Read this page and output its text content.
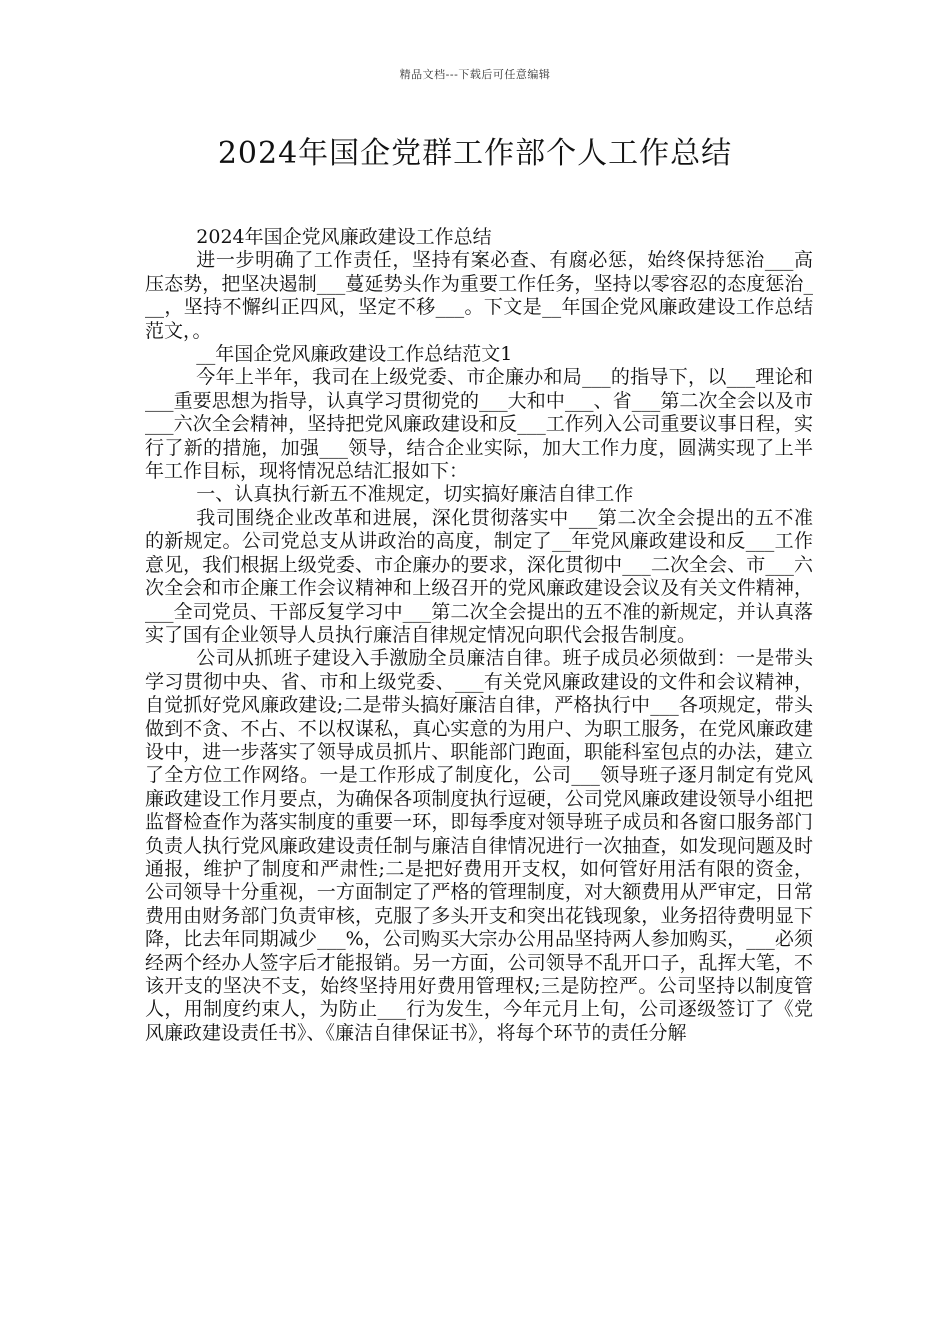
精品文档---下载后可任意编辑
2024年国企党群工作部个人工作总结

2024年国企党风廉政建设工作总结

进一步明确了工作责任，坚持有案必查、有腐必惩，始终保持惩治___高压态势，把坚决遏制___蔓延势头作为重要工作任务，坚持以零容忍的态度惩治___，坚持不懈纠正四风，坚定不移___。下文是__年国企党风廉政建设工作总结范文，。

__年国企党风廉政建设工作总结范文1

今年上半年，我司在上级党委、市企廉办和局___的指导下，以___理论和___重要思想为指导，认真学习贯彻党的___大和中___、省___第二次全会以及市___六次全会精神，坚持把党风廉政建设和反___工作列入公司重要议事日程，实行了新的措施，加强___领导，结合企业实际，加大工作力度，圆满实现了上半年工作目标，现将情况总结汇报如下：

一、认真执行新五不准规定，切实搞好廉洁自律工作

我司围绕企业改革和进展，深化贯彻落实中___第二次全会提出的五不准的新规定。公司党总支从讲政治的高度，制定了__年党风廉政建设和反___工作意见，我们根据上级党委、市企廉办的要求，深化贯彻中___二次全会、市___六次全会和市企廉工作会议精神和上级召开的党风廉政建设会议及有关文件精神，___全司党员、干部反复学习中___第二次全会提出的五不准的新规定，并认真落实了国有企业领导人员执行廉洁自律规定情况向职代会报告制度。

公司从抓班子建设入手激励全员廉洁自律。班子成员必须做到：一是带头学习贯彻中央、省、市和上级党委、___有关党风廉政建设的文件和会议精神，自觉抓好党风廉政建设;二是带头搞好廉洁自律，严格执行中___各项规定，带头做到不贪、不占、不以权谋私，真心实意的为用户、为职工服务，在党风廉政建设中，进一步落实了领导成员抓片、职能部门跑面，职能科室包点的办法，建立了全方位工作网络。一是工作形成了制度化，公司___领导班子逐月制定有党风廉政建设工作月要点，为确保各项制度执行逗硬，公司党风廉政建设领导小组把监督检查作为落实制度的重要一环，即每季度对领导班子成员和各窗口服务部门负责人执行党风廉政建设责任制与廉洁自律情况进行一次抽查，如发现问题及时通报，维护了制度和严肃性;二是把好费用开支权，如何管好用活有限的资金，公司领导十分重视，一方面制定了严格的管理制度，对大额费用从严审定，日常费用由财务部门负责审核，克服了多头开支和突出花钱现象，业务招待费明显下降，比去年同期减少___%，公司购买大宗办公用品坚持两人参加购买，___必须经两个经办人签字后才能报销。另一方面，公司领导不乱开口子，乱挥大笔，不该开支的坚决不支，始终坚持用好费用管理权;三是防控严。公司坚持以制度管人，用制度约束人，为防止___行为发生，今年元月上旬，公司逐级签订了《党风廉政建设责任书》、《廉洁自律保证书》，将每个环节的责任分解
